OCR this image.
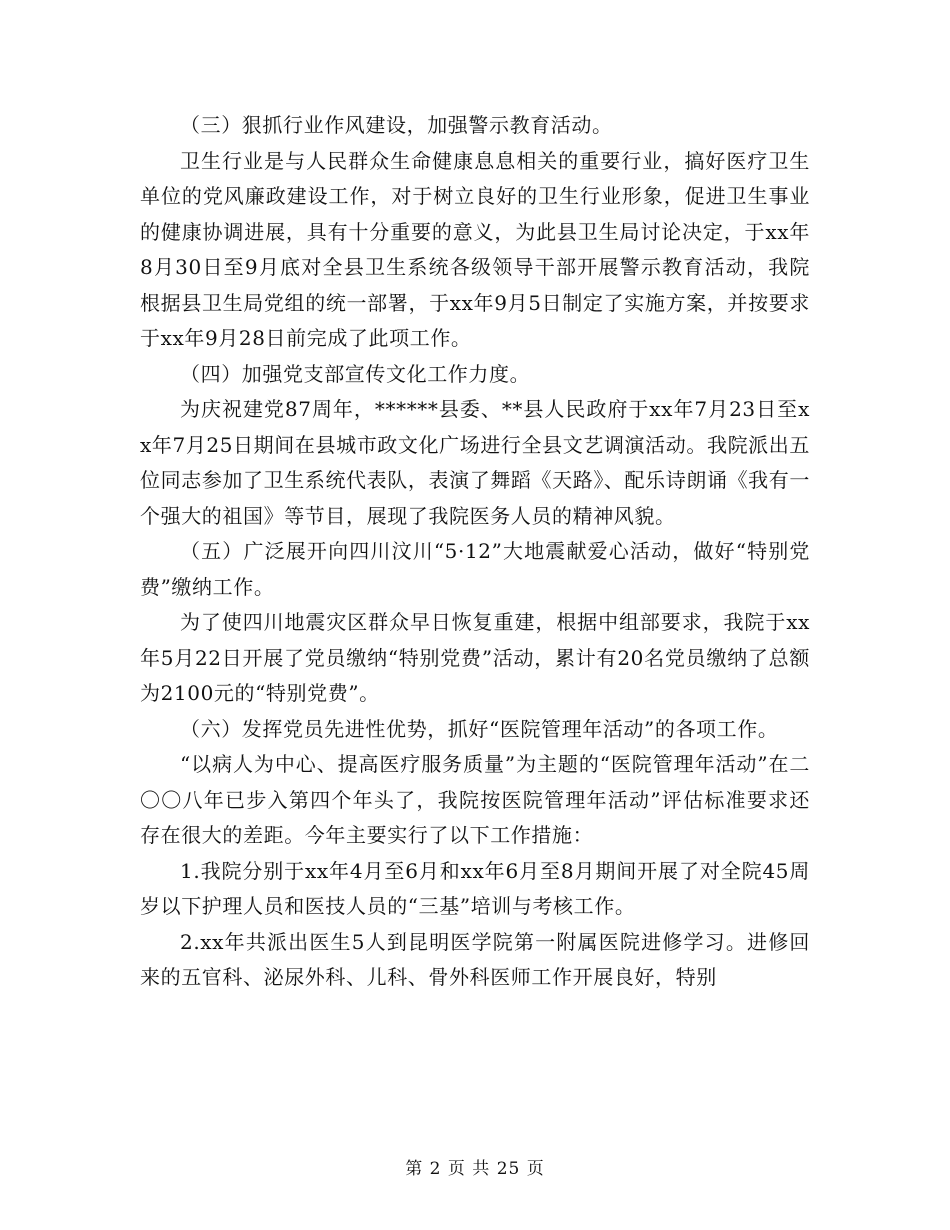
（三）狠抓行业作风建设，加强警示教育活动。

卫生行业是与人民群众生命健康息息相关的重要行业，搞好医疗卫生单位的党风廉政建设工作，对于树立良好的卫生行业形象，促进卫生事业的健康协调进展，具有十分重要的意义，为此县卫生局讨论决定，于xx年8月30日至9月底对全县卫生系统各级领导干部开展警示教育活动，我院根据县卫生局党组的统一部署，于xx年9月5日制定了实施方案，并按要求于xx年9月28日前完成了此项工作。

（四）加强党支部宣传文化工作力度。

为庆祝建党87周年，******县委、**县人民政府于xx年7月23日至xx年7月25日期间在县城市政文化广场进行全县文艺调演活动。我院派出五位同志参加了卫生系统代表队，表演了舞蹈《天路》、配乐诗朗诵《我有一个强大的祖国》等节目，展现了我院医务人员的精神风貌。

（五）广泛展开向四川汶川“5·12”大地震献爱心活动，做好“特别党费”缴纳工作。

为了使四川地震灾区群众早日恢复重建，根据中组部要求，我院于xx年5月22日开展了党员缴纳“特别党费”活动，累计有20名党员缴纳了总额为2100元的“特别党费”。

（六）发挥党员先进性优势，抓好“医院管理年活动”的各项工作。

“以病人为中心、提高医疗服务质量”为主题的“医院管理年活动”在二〇〇八年已步入第四个年头了，我院按医院管理年活动”评估标准要求还存在很大的差距。今年主要实行了以下工作措施：

1.我院分别于xx年4月至6月和xx年6月至8月期间开展了对全院45周岁以下护理人员和医技人员的“三基”培训与考核工作。

2.xx年共派出医生5人到昆明医学院第一附属医院进修学习。进修回来的五官科、泌尿外科、儿科、骨外科医师工作开展良好，特别

第 2 页 共 25 页
